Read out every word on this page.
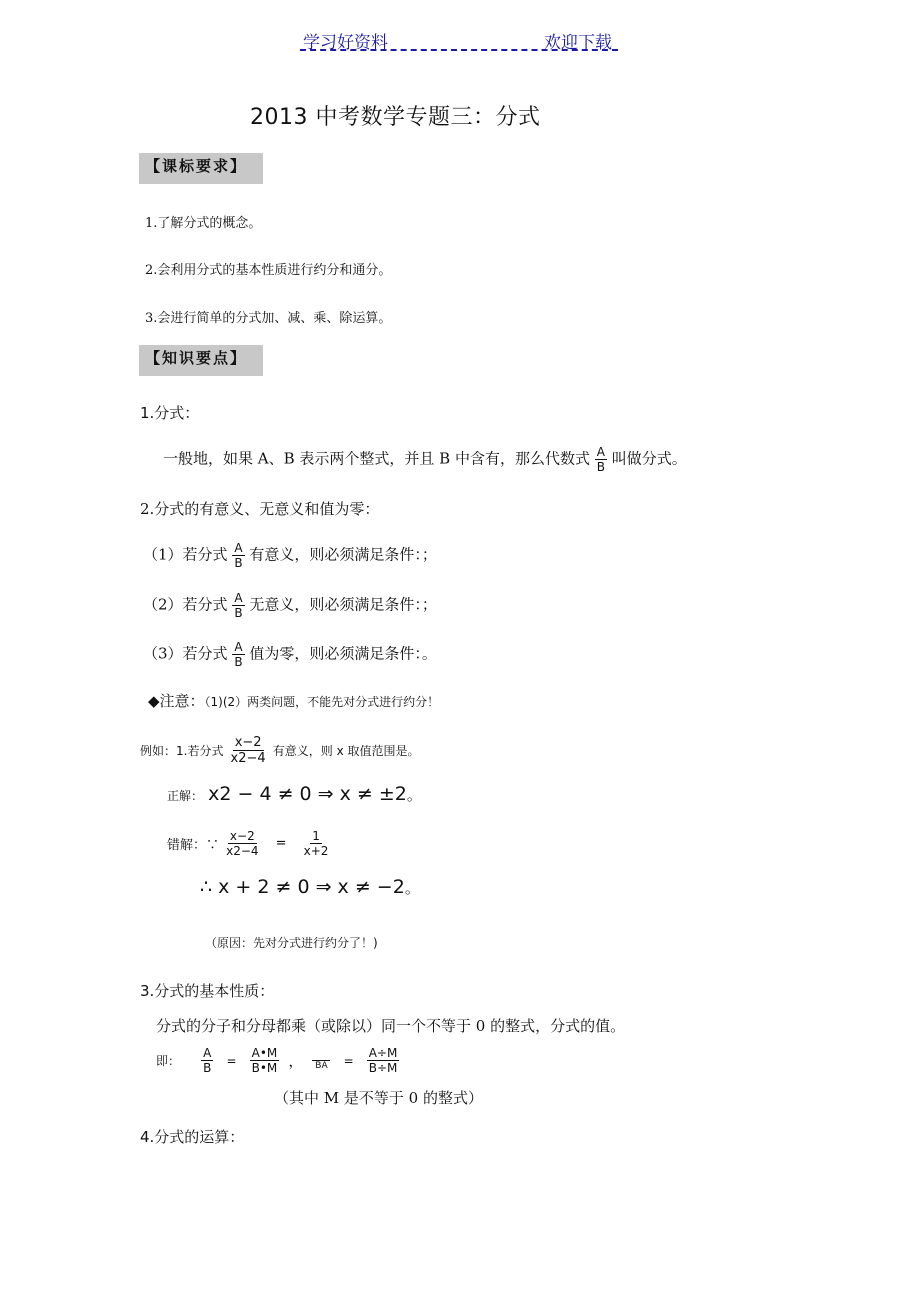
学习好资料	欢迎下载
2013 中考数学专题三：分式
【课标要求】
1.了解分式的概念。
2.会利用分式的基本性质进行约分和通分。
3.会进行简单的分式加、减、乘、除运算。
【知识要点】
1.分式：
一般地，如果 A、B 表示两个整式，并且 B 中含有，那么代数式 $\frac{A}{B}$ 叫做分式。
2.分式的有意义、无意义和值为零：
（1）若分式 $\frac{A}{B}$ 有意义，则必须满足条件：；
（2）若分式 $\frac{A}{B}$ 无意义，则必须满足条件：；
（3）若分式 $\frac{A}{B}$ 值为零，则必须满足条件：。
◆注意：（1)(2）两类问题，不能先对分式进行约分！
例如：1.若分式 $\frac{x-2}{x2-4}$ 有意义，则 x 取值范围是。
正解： x2 − 4 ≠ 0 ⇒ x ≠ ±2。
错解：∵ $\frac{x-2}{x2-4} = \frac{1}{x+2}$
∴ x + 2 ≠ 0 ⇒ x ≠ −2。
（原因：先对分式进行约分了！)
3.分式的基本性质：
分式的分子和分母都乘（或除以）同一个不等于 0 的整式，分式的值。
即： $\frac{A}{B} = \frac{A•M}{B•M}$ ， BA = $\frac{A\div M}{B\div M}$
（其中 M 是不等于 0 的整式）
4.分式的运算：
